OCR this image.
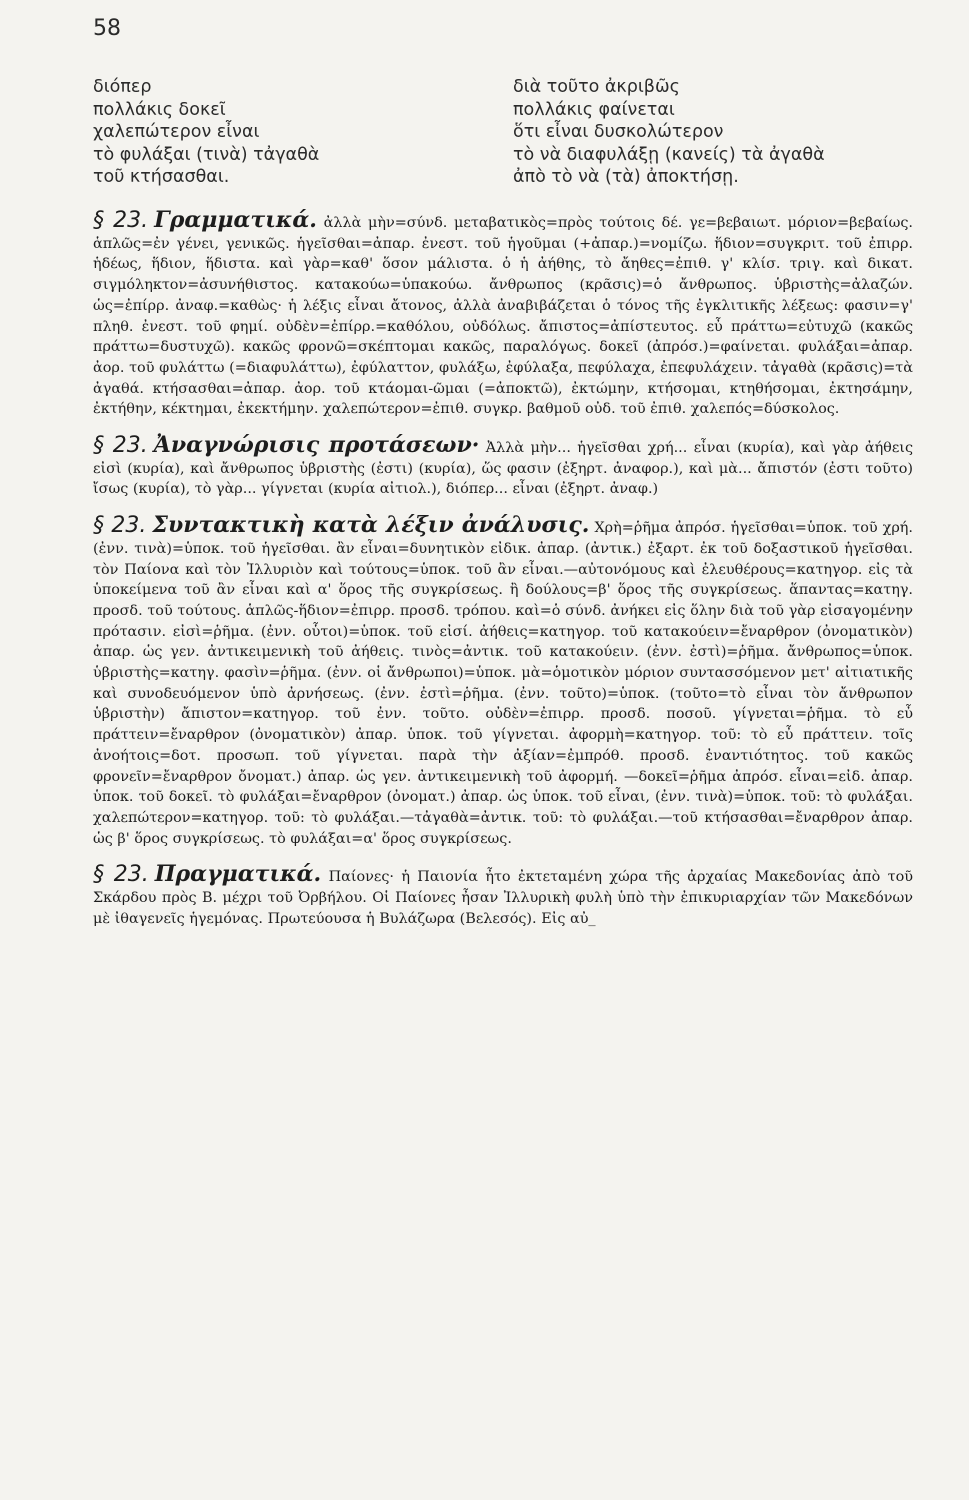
58
διόπερ
πολλάκις δοκεῖ
χαλεπώτερον εἶναι
τὸ φυλάξαι (τινὰ) τἀγαθὰ
τοῦ κτήσασθαι.
διὰ τοῦτο ἀκριβῶς
πολλάκις φαίνεται
ὅτι εἶναι δυσκολώτερον
τὸ νὰ διαφυλάξῃ (κανείς) τὰ ἀγαθὰ
ἀπὸ τὸ νὰ (τὰ) ἀποκτήσῃ.

§ 23. Γραμματικά. ἀλλὰ μὴν=σύνδ. μεταβατικὸς=πρὸς τούτοις δέ. γε=βεβαιωτ. μόριον=βεβαίως. ἁπλῶς=ἐν γένει, γενικῶς. ἡγεῖσθαι=ἀπαρ. ἐνεστ. τοῦ ἡγοῦμαι (+ἀπαρ.)=νομίζω. ἥδιον=συγκριτ. τοῦ ἐπιρρ. ἡδέως, ἥδιον, ἥδιστα. καὶ γὰρ=καθ' ὅσον μάλιστα. ὁ ἡ ἀήθης, τὸ ἄηθες=ἐπιθ. γ' κλίσ. τριγ. καὶ δικατ. σιγμόληκτον=ἀσυνήθιστος. κατακούω=ὑπακούω. ἄνθρωπος (κρᾶσις)=ὁ ἄνθρωπος. ὑβριστὴς=ἀλαζών. ὡς=ἐπίρρ. ἀναφ.=καθὼς· ἡ λέξις εἶναι ἄτονος, ἀλλὰ ἀναβιβάζεται ὁ τόνος τῆς ἐγκλιτικῆς λέξεως: φασιν=γ' πληθ. ἐνεστ. τοῦ φημί. οὐδὲν=ἐπίρρ.=καθόλου, οὐδόλως. ἄπιστος=ἀπίστευτος. εὖ πράττω=εὐτυχῶ (κακῶς πράττω=δυστυχῶ). κακῶς φρονῶ=σκέπτομαι κακῶς, παραλόγως. δοκεῖ (ἀπρόσ.)=φαίνεται. φυλάξαι=ἀπαρ. ἀορ. τοῦ φυλάττω (=διαφυλάττω), ἐφύλαττον, φυλάξω, ἐφύλαξα, πεφύλαχα, ἐπεφυλάχειν. τἀγαθὰ (κρᾶσις)=τὰ ἀγαθά. κτήσασθαι=ἀπαρ. ἀορ. τοῦ κτάομαι-ῶμαι (=ἀποκτῶ), ἐκτώμην, κτήσομαι, κτηθήσομαι, ἐκτησάμην, ἐκτήθην, κέκτημαι, ἐκεκτήμην. χαλεπώτερον=ἐπιθ. συγκρ. βαθμοῦ οὐδ. τοῦ ἐπιθ. χαλεπός=δύσκολος.

§ 23. Ἀναγνώρισις προτάσεων· Ἀλλὰ μὴν... ἡγεῖσθαι χρή... εἶναι (κυρία), καὶ γὰρ ἀήθεις εἰσὶ (κυρία), καὶ ἄνθρωπος ὑβριστὴς (ἐστι) (κυρία), ὥς φασιν (ἐξηρτ. ἀναφορ.), καὶ μὰ... ἄπιστόν (ἐστι τοῦτο) ἴσως (κυρία), τὸ γὰρ... γίγνεται (κυρία αἰτιολ.), διόπερ... εἶναι (ἐξηρτ. ἀναφ.)

§ 23. Συντακτικὴ κατὰ λέξιν ἀνάλυσις. Χρὴ=ῥῆμα ἀπρόσ. ἡγεῖσθαι=ὑποκ. τοῦ χρή. (ἐνν. τινὰ)=ὑποκ. τοῦ ἡγεῖσθαι. ἂν εἶναι=δυνητικὸν εἰδικ. ἀπαρ. (ἀντικ.) ἐξαρτ. ἐκ τοῦ δοξαστικοῦ ἡγεῖσθαι. τὸν Παίονα καὶ τὸν Ἰλλυριὸν καὶ τούτους=ὑποκ. τοῦ ἂν εἶναι.—αὐτονόμους καὶ ἐλευθέρους=κατηγορ. εἰς τὰ ὑποκείμενα τοῦ ἂν εἶναι καὶ α' ὅρος τῆς συγκρίσεως. ἢ δούλους=β' ὅρος τῆς συγκρίσεως. ἅπαντας=κατηγ. προσδ. τοῦ τούτους. ἁπλῶς-ἥδιον=ἐπιρρ. προσδ. τρόπου. καὶ=ὁ σύνδ. ἀνήκει εἰς ὅλην διὰ τοῦ γὰρ εἰσαγομένην πρότασιν. εἰσὶ=ῥῆμα. (ἐνν. οὗτοι)=ὑποκ. τοῦ εἰσί. ἀήθεις=κατηγορ. τοῦ κατακούειν=ἔναρθρον (ὀνοματικὸν) ἀπαρ. ὡς γεν. ἀντικειμενικὴ τοῦ ἀήθεις. τινὸς=ἀντικ. τοῦ κατακούειν. (ἐνν. ἐστὶ)=ῥῆμα. ἄνθρωπος=ὑποκ. ὑβριστὴς=κατηγ. φασὶν=ῥῆμα. (ἐνν. οἱ ἄνθρωποι)=ὑποκ. μὰ=ὁμοτικὸν μόριον συντασσόμενον μετ' αἰτιατικῆς καὶ συνοδευόμενον ὑπὸ ἀρνήσεως. (ἐνν. ἐστὶ=ῥῆμα. (ἐνν. τοῦτο)=ὑποκ. (τοῦτο=τὸ εἶναι τὸν ἄνθρωπον ὑβριστὴν) ἄπιστον=κατηγορ. τοῦ ἐνν. τοῦτο. οὐδὲν=ἐπιρρ. προσδ. ποσοῦ. γίγνεται=ῥῆμα. τὸ εὖ πράττειν=ἔναρθρον (ὀνοματικὸν) ἀπαρ. ὑποκ. τοῦ γίγνεται. ἀφορμὴ=κατηγορ. τοῦ: τὸ εὖ πράττειν. τοῖς ἀνοήτοις=δοτ. προσωπ. τοῦ γίγνεται. παρὰ τὴν ἀξίαν=ἐμπρόθ. προσδ. ἐναντιότητος. τοῦ κακῶς φρονεῖν=ἔναρθρον ὄνοματ.) ἀπαρ. ὡς γεν. ἀντικειμενικὴ τοῦ ἀφορμή. —δοκεῖ=ῥῆμα ἀπρόσ. εἶναι=εἰδ. ἀπαρ. ὑποκ. τοῦ δοκεῖ. τὸ φυλάξαι=ἔναρθρον (ὀνοματ.) ἀπαρ. ὡς ὑποκ. τοῦ εἶναι, (ἐνν. τινὰ)=ὑποκ. τοῦ: τὸ φυλάξαι. χαλεπώτερον=κατηγορ. τοῦ: τὸ φυλάξαι.—τἀγαθὰ=ἀντικ. τοῦ: τὸ φυλάξαι.—τοῦ κτήσασθαι=ἔναρθρον ἀπαρ. ὡς β' ὅρος συγκρίσεως. τὸ φυλάξαι=α' ὅρος συγκρίσεως.

§ 23. Πραγματικά. Παίονες· ἡ Παιονία ἦτο ἐκτεταμένη χώρα τῆς ἀρχαίας Μακεδονίας ἀπὸ τοῦ Σκάρδου πρὸς Β. μέχρι τοῦ Ὀρβήλου. Οἱ Παίονες ἦσαν Ἰλλυρικὴ φυλὴ ὑπὸ τὴν ἐπικυριαρχίαν τῶν Μακεδόνων μὲ ἰθαγενεῖς ἡγεμόνας. Πρωτεύουσα ἡ Βυλάζωρα (Βελεσός). Εἰς αὐ_
